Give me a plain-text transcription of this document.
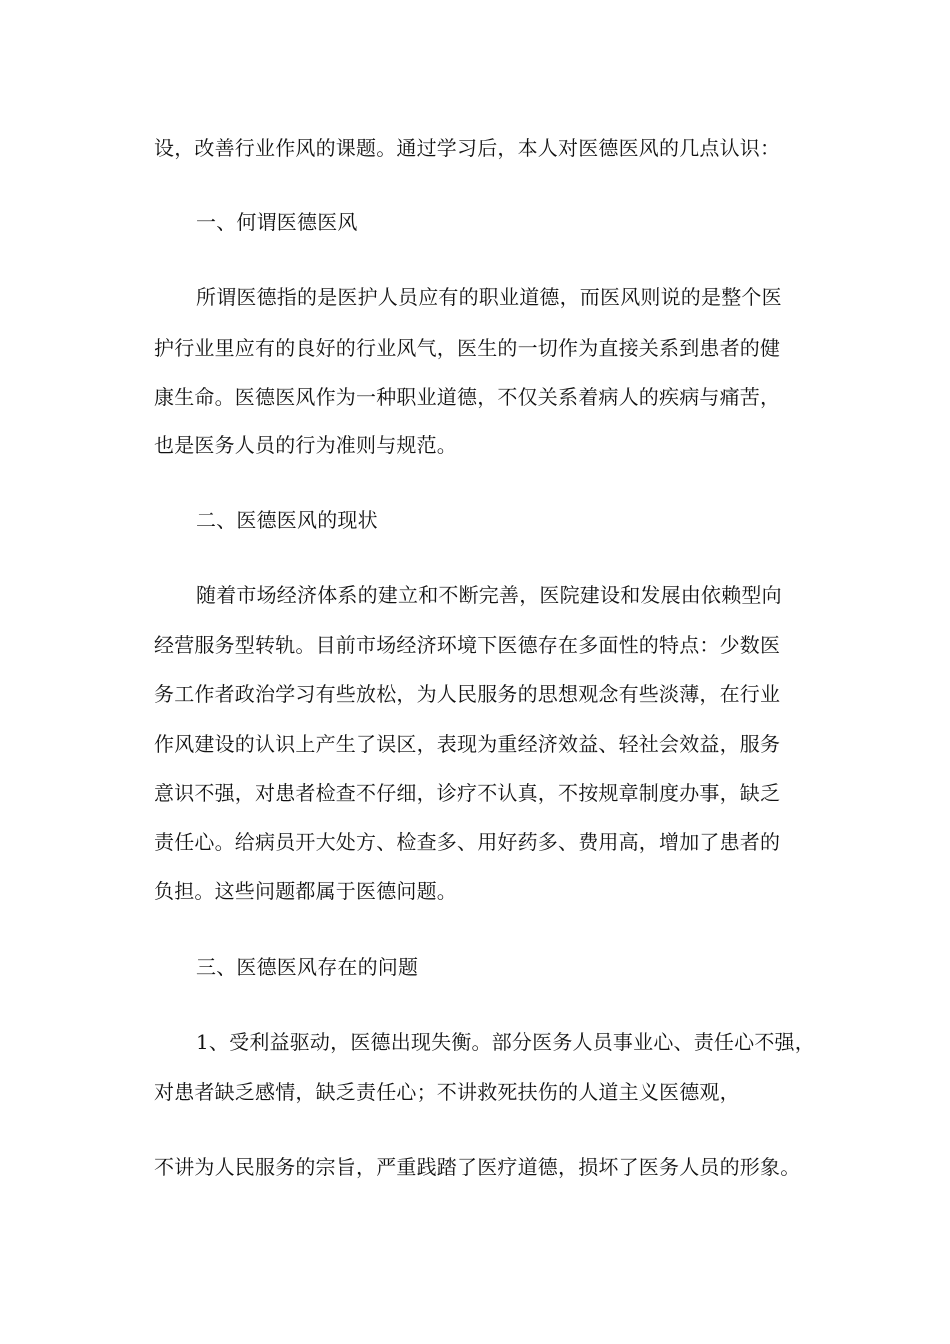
设，改善行业作风的课题。通过学习后，本人对医德医风的几点认识：
一、何谓医德医风
所谓医德指的是医护人员应有的职业道德，而医风则说的是整个医
护行业里应有的良好的行业风气，医生的一切作为直接关系到患者的健
康生命。医德医风作为一种职业道德，不仅关系着病人的疾病与痛苦，
也是医务人员的行为准则与规范。
二、医德医风的现状
随着市场经济体系的建立和不断完善，医院建设和发展由依赖型向
经营服务型转轨。目前市场经济环境下医德存在多面性的特点：少数医
务工作者政治学习有些放松，为人民服务的思想观念有些淡薄，在行业
作风建设的认识上产生了误区，表现为重经济效益、轻社会效益，服务
意识不强，对患者检查不仔细，诊疗不认真，不按规章制度办事，缺乏
责任心。给病员开大处方、检查多、用好药多、费用高，增加了患者的
负担。这些问题都属于医德问题。
三、医德医风存在的问题
1、受利益驱动，医德出现失衡。部分医务人员事业心、责任心不强，
对患者缺乏感情，缺乏责任心；不讲救死扶伤的人道主义医德观，
不讲为人民服务的宗旨，严重践踏了医疗道德，损坏了医务人员的形象。
